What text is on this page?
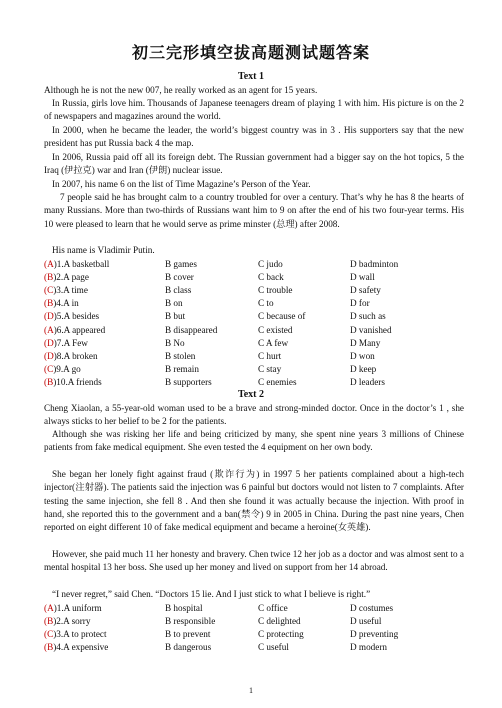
初三完形填空拔高题测试题答案
Text 1

Although he is not the new 007, he really worked as an agent for 15 years.

In Russia, girls love him. Thousands of Japanese teenagers dream of playing 1 with him. His picture is on the 2 of newspapers and magazines around the world.

In 2000, when he became the leader, the world’s biggest country was in 3 . His supporters say that the new president has put Russia back 4 the map.

In 2006, Russia paid off all its foreign debt. The Russian government had a bigger say on the hot topics, 5 the Iraq (伊拉克) war and Iran (伊朗) nuclear issue.

In 2007, his name 6 on the list of Time Magazine’s Person of the Year.

7 people said he has brought calm to a country troubled for over a century. That’s why he has 8 the hearts of many Russians. More than two-thirds of Russians want him to 9 on after the end of his two four-year terms. His 10 were pleased to learn that he would serve as prime minster (总理) after 2008.

His name is Vladimir Putin.

(A)1.A basketball	B games	C judo	D badminton
(B)2.A page	B cover	C back	D wall
(C)3.A time	B class	C trouble	D safety
(B)4.A in	B on	C to	D for
(D)5.A besides	B but	C because of	D such as
(A)6.A appeared	B disappeared	C existed	D vanished
(D)7.A Few	B No	C A few	D Many
(D)8.A broken	B stolen	C hurt	D won
(C)9.A go	B remain	C stay	D keep
(B)10.A friends	B supporters	C enemies	D leaders
Text 2

Cheng Xiaolan, a 55-year-old woman used to be a brave and strong-minded doctor. Once in the doctor’s 1 , she always sticks to her belief to be 2 for the patients.

Although she was risking her life and being criticized by many, she spent nine years 3 millions of Chinese patients from fake medical equipment. She even tested the 4 equipment on her own body.

She began her lonely fight against fraud (欺诈行为) in 1997 5 her patients complained about a high-tech injector(注射器). The patients said the injection was 6 painful but doctors would not listen to 7 complaints. After testing the same injection, she fell 8 . And then she found it was actually because the injection. With proof in hand, she reported this to the government and a ban(禁令) 9 in 2005 in China. During the past nine years, Chen reported on eight different 10 of fake medical equipment and became a heroine(女英雄).

However, she paid much 11 her honesty and bravery. Chen twice 12 her job as a doctor and was almost sent to a mental hospital 13 her boss. She used up her money and lived on support from her 14 abroad.

“I never regret,” said Chen. “Doctors 15 lie. And I just stick to what I believe is right.”

(A)1.A uniform	B hospital	C office	D costumes
(B)2.A sorry	B responsible	C delighted	D useful
(C)3.A to protect	B to prevent	C protecting	D preventing
(B)4.A expensive	B dangerous	C useful	D modern
1
